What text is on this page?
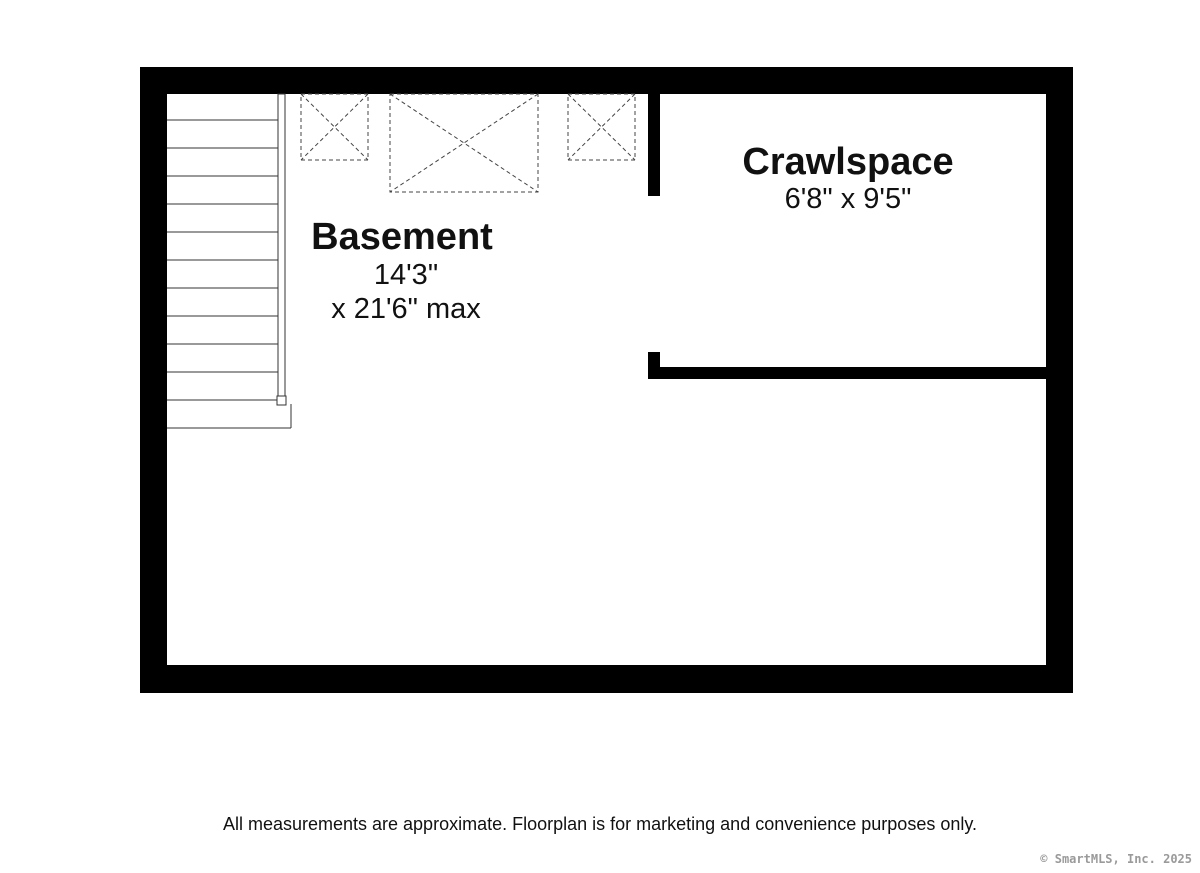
Basement
14'3"
x 21'6" max
Crawlspace
6'8" x 9'5"
All measurements are approximate. Floorplan is for marketing and convenience purposes only.
© SmartMLS, Inc. 2025
